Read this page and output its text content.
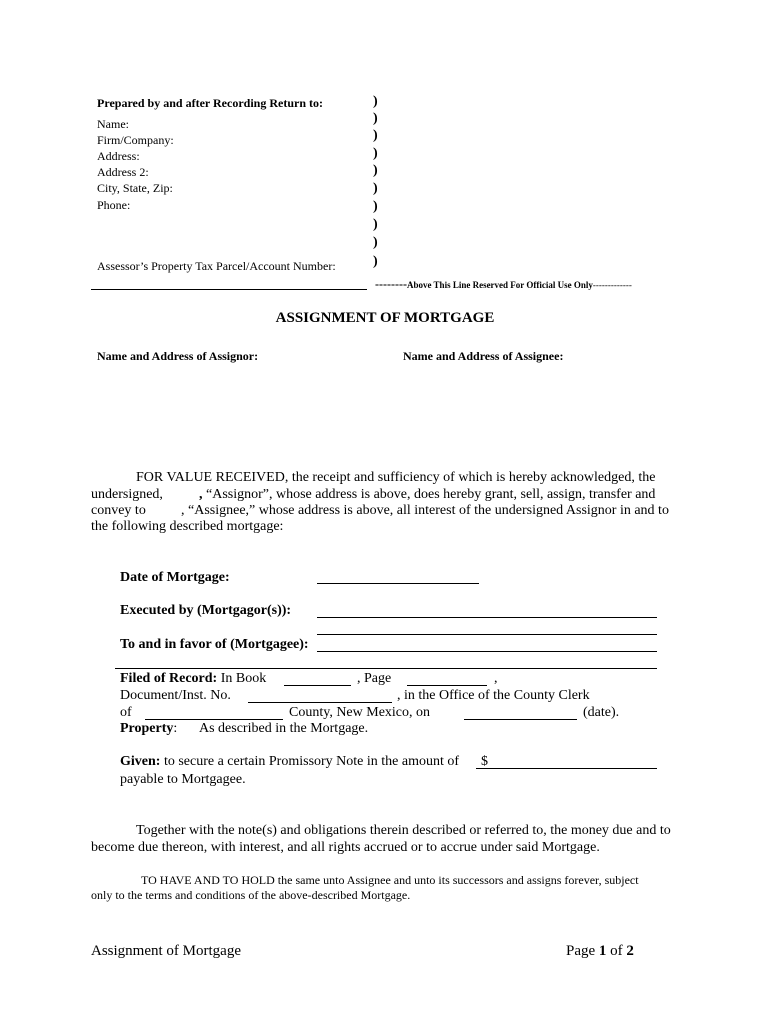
Prepared by and after Recording Return to:
Name:
Firm/Company:
Address:
Address 2:
City, State, Zip:
Phone:
Assessor’s Property Tax Parcel/Account Number:
)
)
)
)
)
)
)
)
)
)
--------Above This Line Reserved For Official Use Only-------------
ASSIGNMENT OF MORTGAGE
Name and Address of Assignor:	Name and Address of Assignee:
FOR VALUE RECEIVED, the receipt and sufficiency of which is hereby acknowledged, the
undersigned,	, “Assignor”, whose address is above, does hereby grant, sell, assign, transfer and
convey to	, “Assignee,” whose address is above, all interest of the undersigned Assignor in and to
the following described mortgage:
Date of Mortgage:
Executed by (Mortgagor(s)):
To and in favor of (Mortgagee):
Filed of Record: In Book	, Page	,
Document/Inst. No.	, in the Office of the County Clerk
of	County, New Mexico, on	(date).
Property: As described in the Mortgage.
Given: to secure a certain Promissory Note in the amount of $
payable to Mortgagee.
Together with the note(s) and obligations therein described or referred to, the money due and to
become due thereon, with interest, and all rights accrued or to accrue under said Mortgage.
TO HAVE AND TO HOLD the same unto Assignee and unto its successors and assigns forever, subject
only to the terms and conditions of the above-described Mortgage.
Assignment of Mortgage	Page 1 of 2
